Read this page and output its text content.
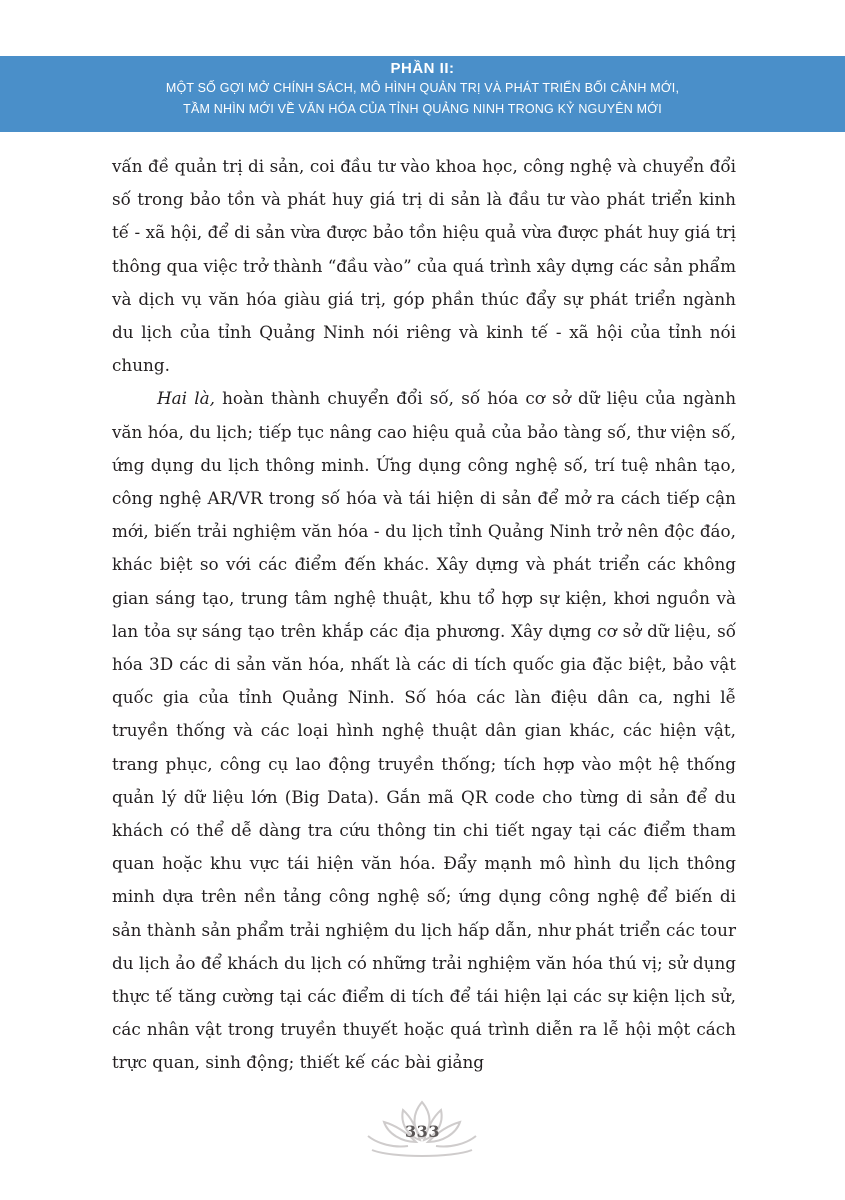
PHẦN II:
MỘT SỐ GỢI MỞ CHÍNH SÁCH, MÔ HÌNH QUẢN TRỊ VÀ PHÁT TRIỂN BỐI CẢNH MỚI,
TẦM NHÌN MỚI VỀ VĂN HÓA CỦA TỈNH QUẢNG NINH TRONG KỶ NGUYÊN MỚI

vấn đề quản trị di sản, coi đầu tư vào khoa học, công nghệ và chuyển đổi số trong bảo tồn và phát huy giá trị di sản là đầu tư vào phát triển kinh tế - xã hội, để di sản vừa được bảo tồn hiệu quả vừa được phát huy giá trị thông qua việc trở thành “đầu vào” của quá trình xây dựng các sản phẩm và dịch vụ văn hóa giàu giá trị, góp phần thúc đẩy sự phát triển ngành du lịch của tỉnh Quảng Ninh nói riêng và kinh tế - xã hội của tỉnh nói chung.

Hai là, hoàn thành chuyển đổi số, số hóa cơ sở dữ liệu của ngành văn hóa, du lịch; tiếp tục nâng cao hiệu quả của bảo tàng số, thư viện số, ứng dụng du lịch thông minh. Ứng dụng công nghệ số, trí tuệ nhân tạo, công nghệ AR/VR trong số hóa và tái hiện di sản để mở ra cách tiếp cận mới, biến trải nghiệm văn hóa - du lịch tỉnh Quảng Ninh trở nên độc đáo, khác biệt so với các điểm đến khác. Xây dựng và phát triển các không gian sáng tạo, trung tâm nghệ thuật, khu tổ hợp sự kiện, khơi nguồn và lan tỏa sự sáng tạo trên khắp các địa phương. Xây dựng cơ sở dữ liệu, số hóa 3D các di sản văn hóa, nhất là các di tích quốc gia đặc biệt, bảo vật quốc gia của tỉnh Quảng Ninh. Số hóa các làn điệu dân ca, nghi lễ truyền thống và các loại hình nghệ thuật dân gian khác, các hiện vật, trang phục, công cụ lao động truyền thống; tích hợp vào một hệ thống quản lý dữ liệu lớn (Big Data). Gắn mã QR code cho từng di sản để du khách có thể dễ dàng tra cứu thông tin chi tiết ngay tại các điểm tham quan hoặc khu vực tái hiện văn hóa. Đẩy mạnh mô hình du lịch thông minh dựa trên nền tảng công nghệ số; ứng dụng công nghệ để biến di sản thành sản phẩm trải nghiệm du lịch hấp dẫn, như phát triển các tour du lịch ảo để khách du lịch có những trải nghiệm văn hóa thú vị; sử dụng thực tế tăng cường tại các điểm di tích để tái hiện lại các sự kiện lịch sử, các nhân vật trong truyền thuyết hoặc quá trình diễn ra lễ hội một cách trực quan, sinh động; thiết kế các bài giảng

333
